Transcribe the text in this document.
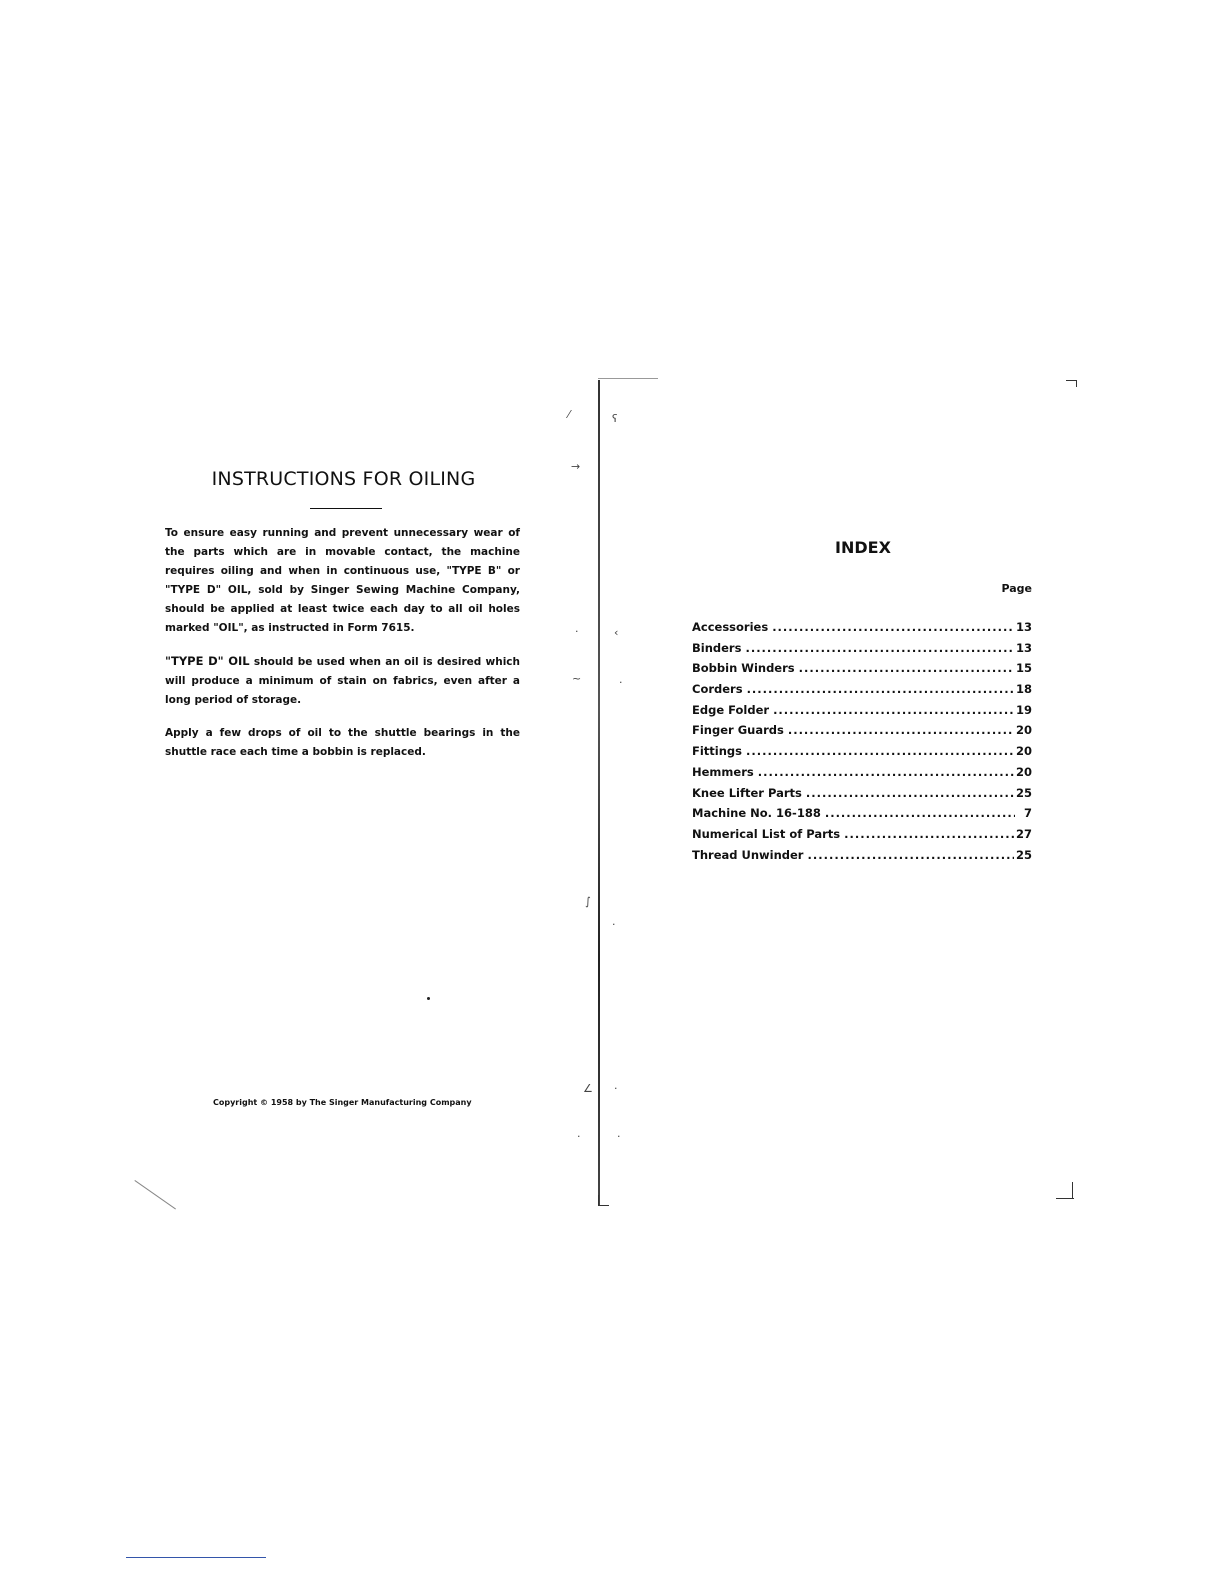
INSTRUCTIONS FOR OILING

To ensure easy running and prevent unnecessary wear of the parts which are in movable contact, the machine requires oiling and when in continuous use, "TYPE B" or "TYPE D" OIL, sold by Singer Sewing Machine Company, should be applied at least twice each day to all oil holes marked "OIL", as instructed in Form 7615.

"TYPE D" OIL should be used when an oil is desired which will produce a minimum of stain on fabrics, even after a long period of storage.

Apply a few drops of oil to the shuttle bearings in the shuttle race each time a bobbin is replaced.

Copyright © 1958 by The Singer Manufacturing Company
⁄	ʕ
→
·	‹
~	·
∫
·
∠ ·
·	·
INDEX
Page
Accessories .....	13
Binders .....	13
Bobbin Winders .....	15
Corders .....	18
Edge Folder .....	19
Finger Guards .....	20
Fittings .....	20
Hemmers .....	20
Knee Lifter Parts .....	25
Machine No. 16-188 .....	7
Numerical List of Parts .....	27
Thread Unwinder .....	25
